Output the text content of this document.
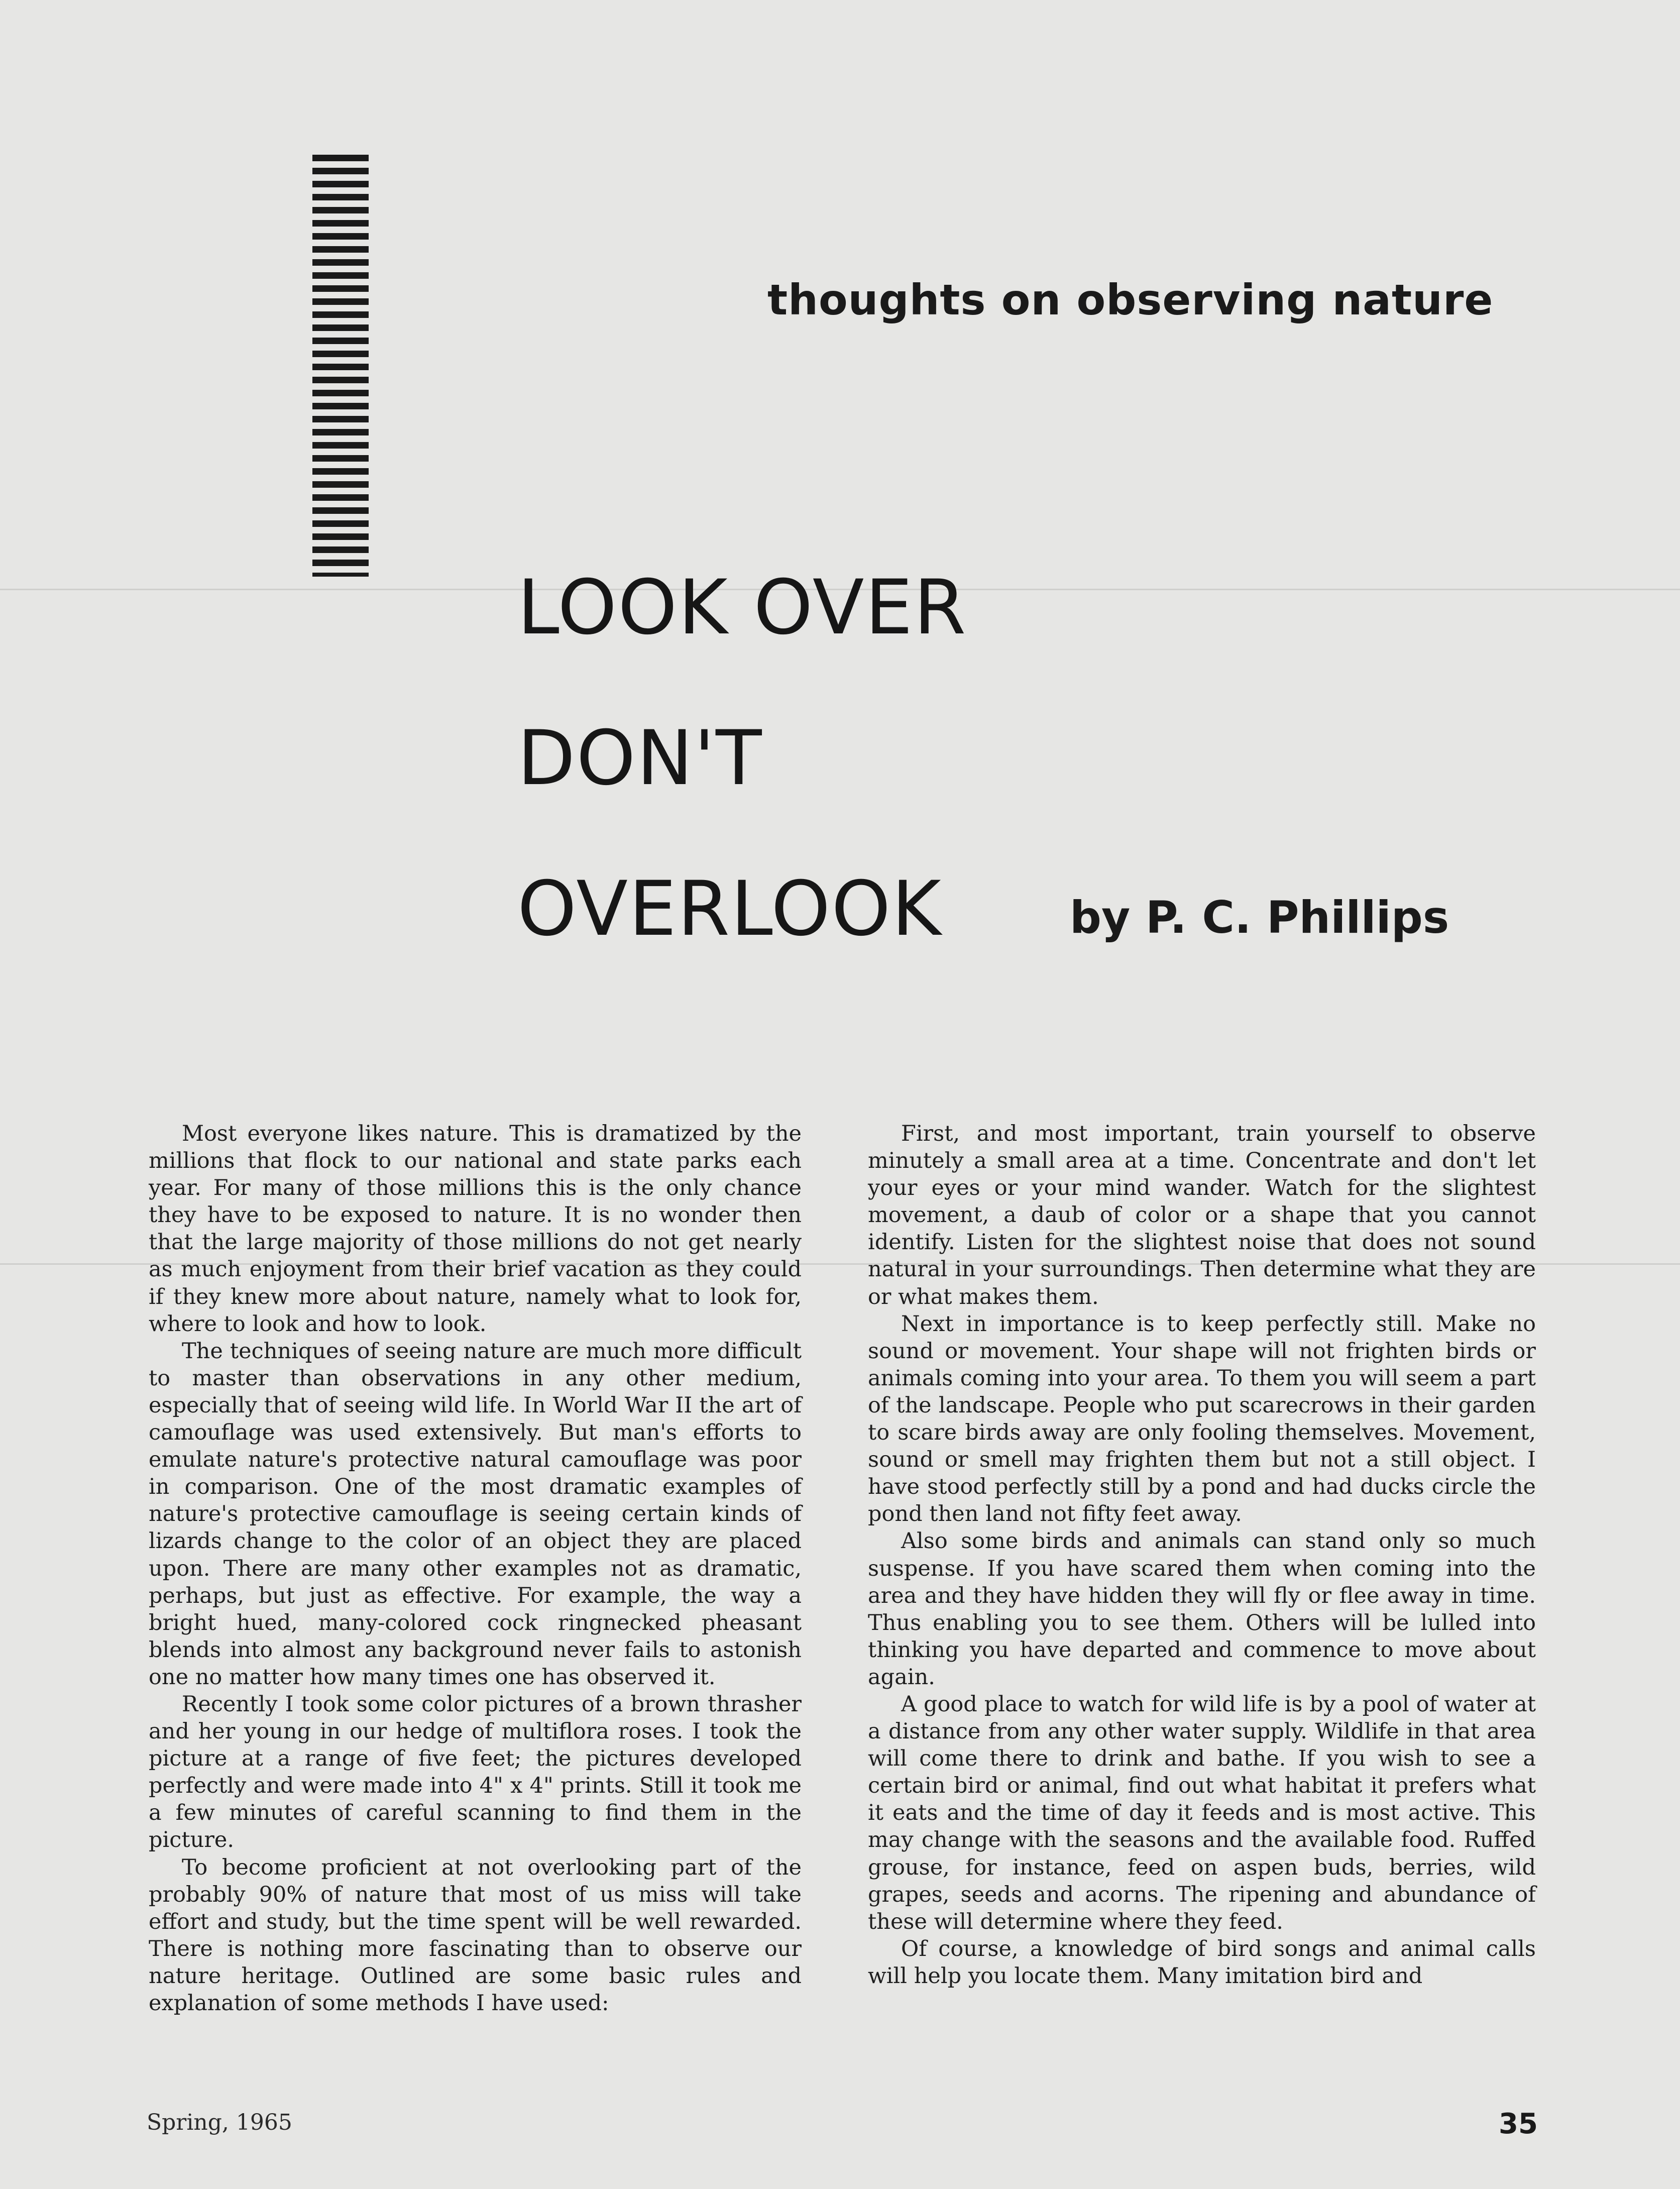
thoughts on observing nature
LOOK OVER
DON'T
OVERLOOK	by P. C. Phillips

Most everyone likes nature. This is dramatized by the millions that flock to our national and state parks each year. For many of those millions this is the only chance they have to be exposed to nature. It is no wonder then that the large majority of those millions do not get nearly as much enjoyment from their brief vacation as they could if they knew more about nature, namely what to look for, where to look and how to look.

The techniques of seeing nature are much more difficult to master than observations in any other medium, especially that of seeing wild life. In World War II the art of camouflage was used extensively. But man's efforts to emulate nature's protective natural camouflage was poor in comparison. One of the most dramatic examples of nature's protective camouflage is seeing certain kinds of lizards change to the color of an object they are placed upon. There are many other examples not as dramatic, perhaps, but just as effective. For example, the way a bright hued, many-colored cock ringnecked pheasant blends into almost any background never fails to astonish one no matter how many times one has observed it.

Recently I took some color pictures of a brown thrasher and her young in our hedge of multiflora roses. I took the picture at a range of five feet; the pictures developed perfectly and were made into 4" x 4" prints. Still it took me a few minutes of careful scanning to find them in the picture.

To become proficient at not overlooking part of the probably 90% of nature that most of us miss will take effort and study, but the time spent will be well rewarded. There is nothing more fascinating than to observe our nature heritage. Outlined are some basic rules and explanation of some methods I have used:

First, and most important, train yourself to observe minutely a small area at a time. Concentrate and don't let your eyes or your mind wander. Watch for the slightest movement, a daub of color or a shape that you cannot identify. Listen for the slightest noise that does not sound natural in your surroundings. Then determine what they are or what makes them.

Next in importance is to keep perfectly still. Make no sound or movement. Your shape will not frighten birds or animals coming into your area. To them you will seem a part of the landscape. People who put scarecrows in their garden to scare birds away are only fooling themselves. Movement, sound or smell may frighten them but not a still object. I have stood perfectly still by a pond and had ducks circle the pond then land not fifty feet away.

Also some birds and animals can stand only so much suspense. If you have scared them when coming into the area and they have hidden they will fly or flee away in time. Thus enabling you to see them. Others will be lulled into thinking you have departed and commence to move about again.

A good place to watch for wild life is by a pool of water at a distance from any other water supply. Wildlife in that area will come there to drink and bathe. If you wish to see a certain bird or animal, find out what habitat it prefers what it eats and the time of day it feeds and is most active. This may change with the seasons and the available food. Ruffed grouse, for instance, feed on aspen buds, berries, wild grapes, seeds and acorns. The ripening and abundance of these will determine where they feed.

Of course, a knowledge of bird songs and animal calls will help you locate them. Many imitation bird and

Spring, 1965	35
